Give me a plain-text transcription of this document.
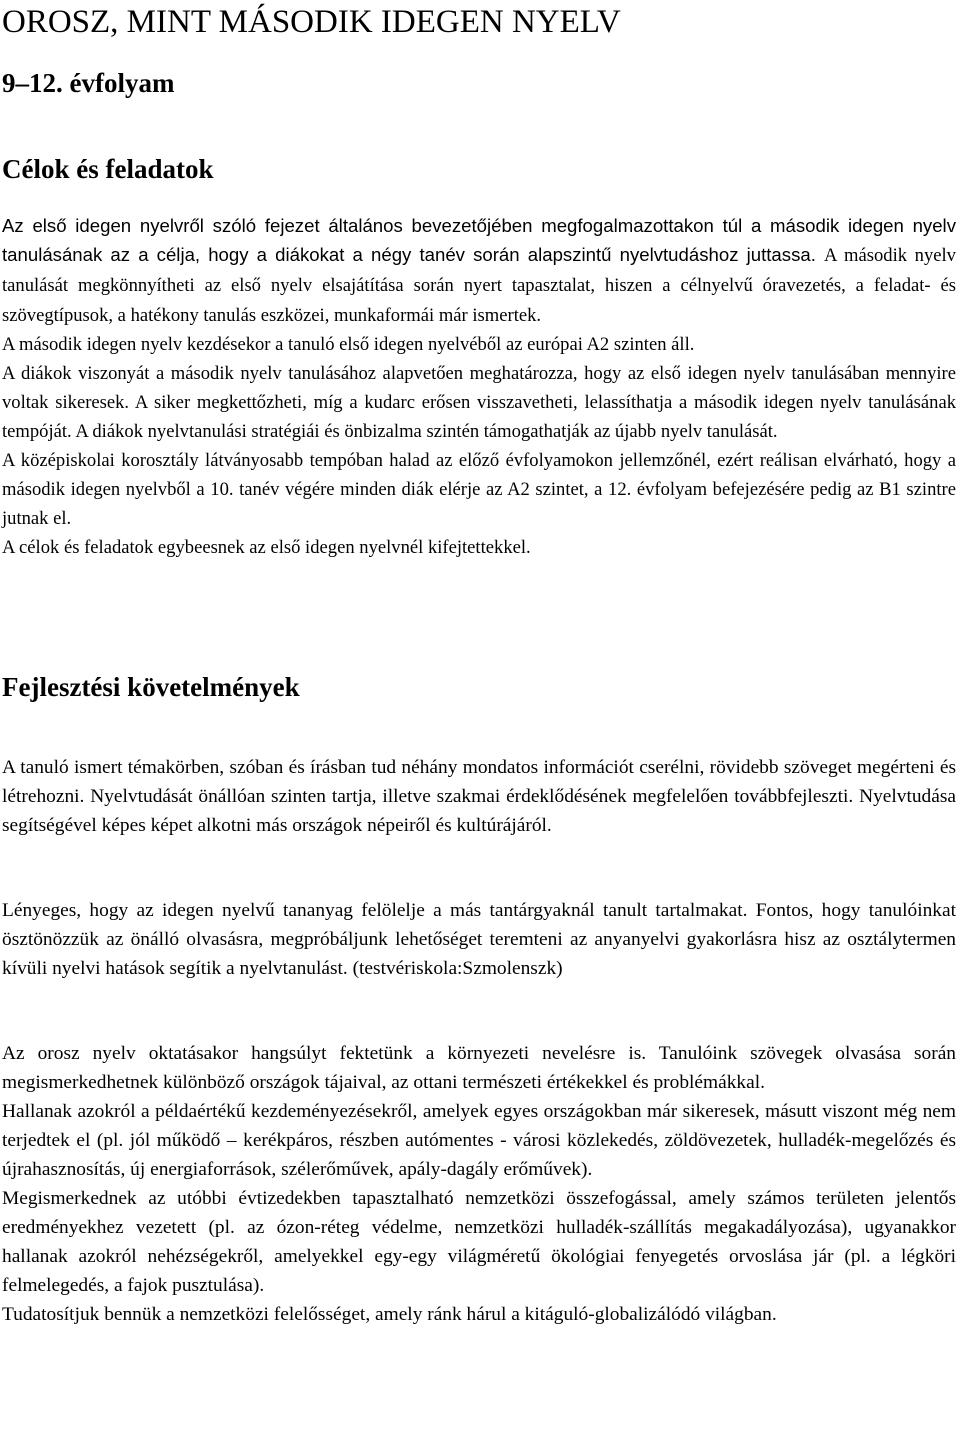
OROSZ, MINT MÁSODIK IDEGEN NYELV
9–12. évfolyam
Célok és feladatok

Az első idegen nyelvről szóló fejezet általános bevezetőjében megfogalmazottakon túl a második idegen nyelv tanulásának az a célja, hogy a diákokat a négy tanév során alapszintű nyelvtudáshoz juttassa. A második nyelv tanulását megkönnyítheti az első nyelv elsajátítása során nyert tapasztalat, hiszen a célnyelvű óravezetés, a feladat- és szövegtípusok, a hatékony tanulás eszközei, munkaformái már ismertek.

A második idegen nyelv kezdésekor a tanuló első idegen nyelvéből az európai A2 szinten áll.

A diákok viszonyát a második nyelv tanulásához alapvetően meghatározza, hogy az első idegen nyelv tanulásában mennyire voltak sikeresek. A siker megkettőzheti, míg a kudarc erősen visszavetheti, lelassíthatja a második idegen nyelv tanulásának tempóját. A diákok nyelvtanulási stratégiái és önbizalma szintén támogathatják az újabb nyelv tanulását.

A középiskolai korosztály látványosabb tempóban halad az előző évfolyamokon jellemzőnél, ezért reálisan elvárható, hogy a második idegen nyelvből a 10. tanév végére minden diák elérje az A2 szintet, a 12. évfolyam befejezésére pedig az B1 szintre jutnak el.

A célok és feladatok egybeesnek az első idegen nyelvnél kifejtettekkel.

Fejlesztési követelmények

A tanuló ismert témakörben, szóban és írásban tud néhány mondatos információt cserélni, rövidebb szöveget megérteni és létrehozni. Nyelvtudását önállóan szinten tartja, illetve szakmai érdeklődésének megfelelően továbbfejleszti. Nyelvtudása segítségével képes képet alkotni más országok népeiről és kultúrájáról.

Lényeges, hogy az idegen nyelvű tananyag felölelje a más tantárgyaknál tanult tartalmakat. Fontos, hogy tanulóinkat ösztönözzük az önálló olvasásra, megpróbáljunk lehetőséget teremteni az anyanyelvi gyakorlásra hisz az osztálytermen kívüli nyelvi hatások segítik a nyelvtanulást. (testvériskola:Szmolenszk)

Az orosz nyelv oktatásakor hangsúlyt fektetünk a környezeti nevelésre is. Tanulóink szövegek olvasása során megismerkedhetnek különböző országok tájaival, az ottani természeti értékekkel és problémákkal.

Hallanak azokról a példaértékű kezdeményezésekről, amelyek egyes országokban már sikeresek, másutt viszont még nem terjedtek el (pl. jól működő – kerékpáros, részben autómentes - városi közlekedés, zöldövezetek, hulladék-megelőzés és újrahasznosítás, új energiaforrások, szélerőművek, apály-dagály erőművek).

Megismerkednek az utóbbi évtizedekben tapasztalható nemzetközi összefogással, amely számos területen jelentős eredményekhez vezetett (pl. az ózon-réteg védelme, nemzetközi hulladék-szállítás megakadályozása), ugyanakkor hallanak azokról nehézségekről, amelyekkel egy-egy világméretű ökológiai fenyegetés orvoslása jár (pl. a légköri felmelegedés, a fajok pusztulása).

Tudatosítjuk bennük a nemzetközi felelősséget, amely ránk hárul a kitáguló-globalizálódó világban.
